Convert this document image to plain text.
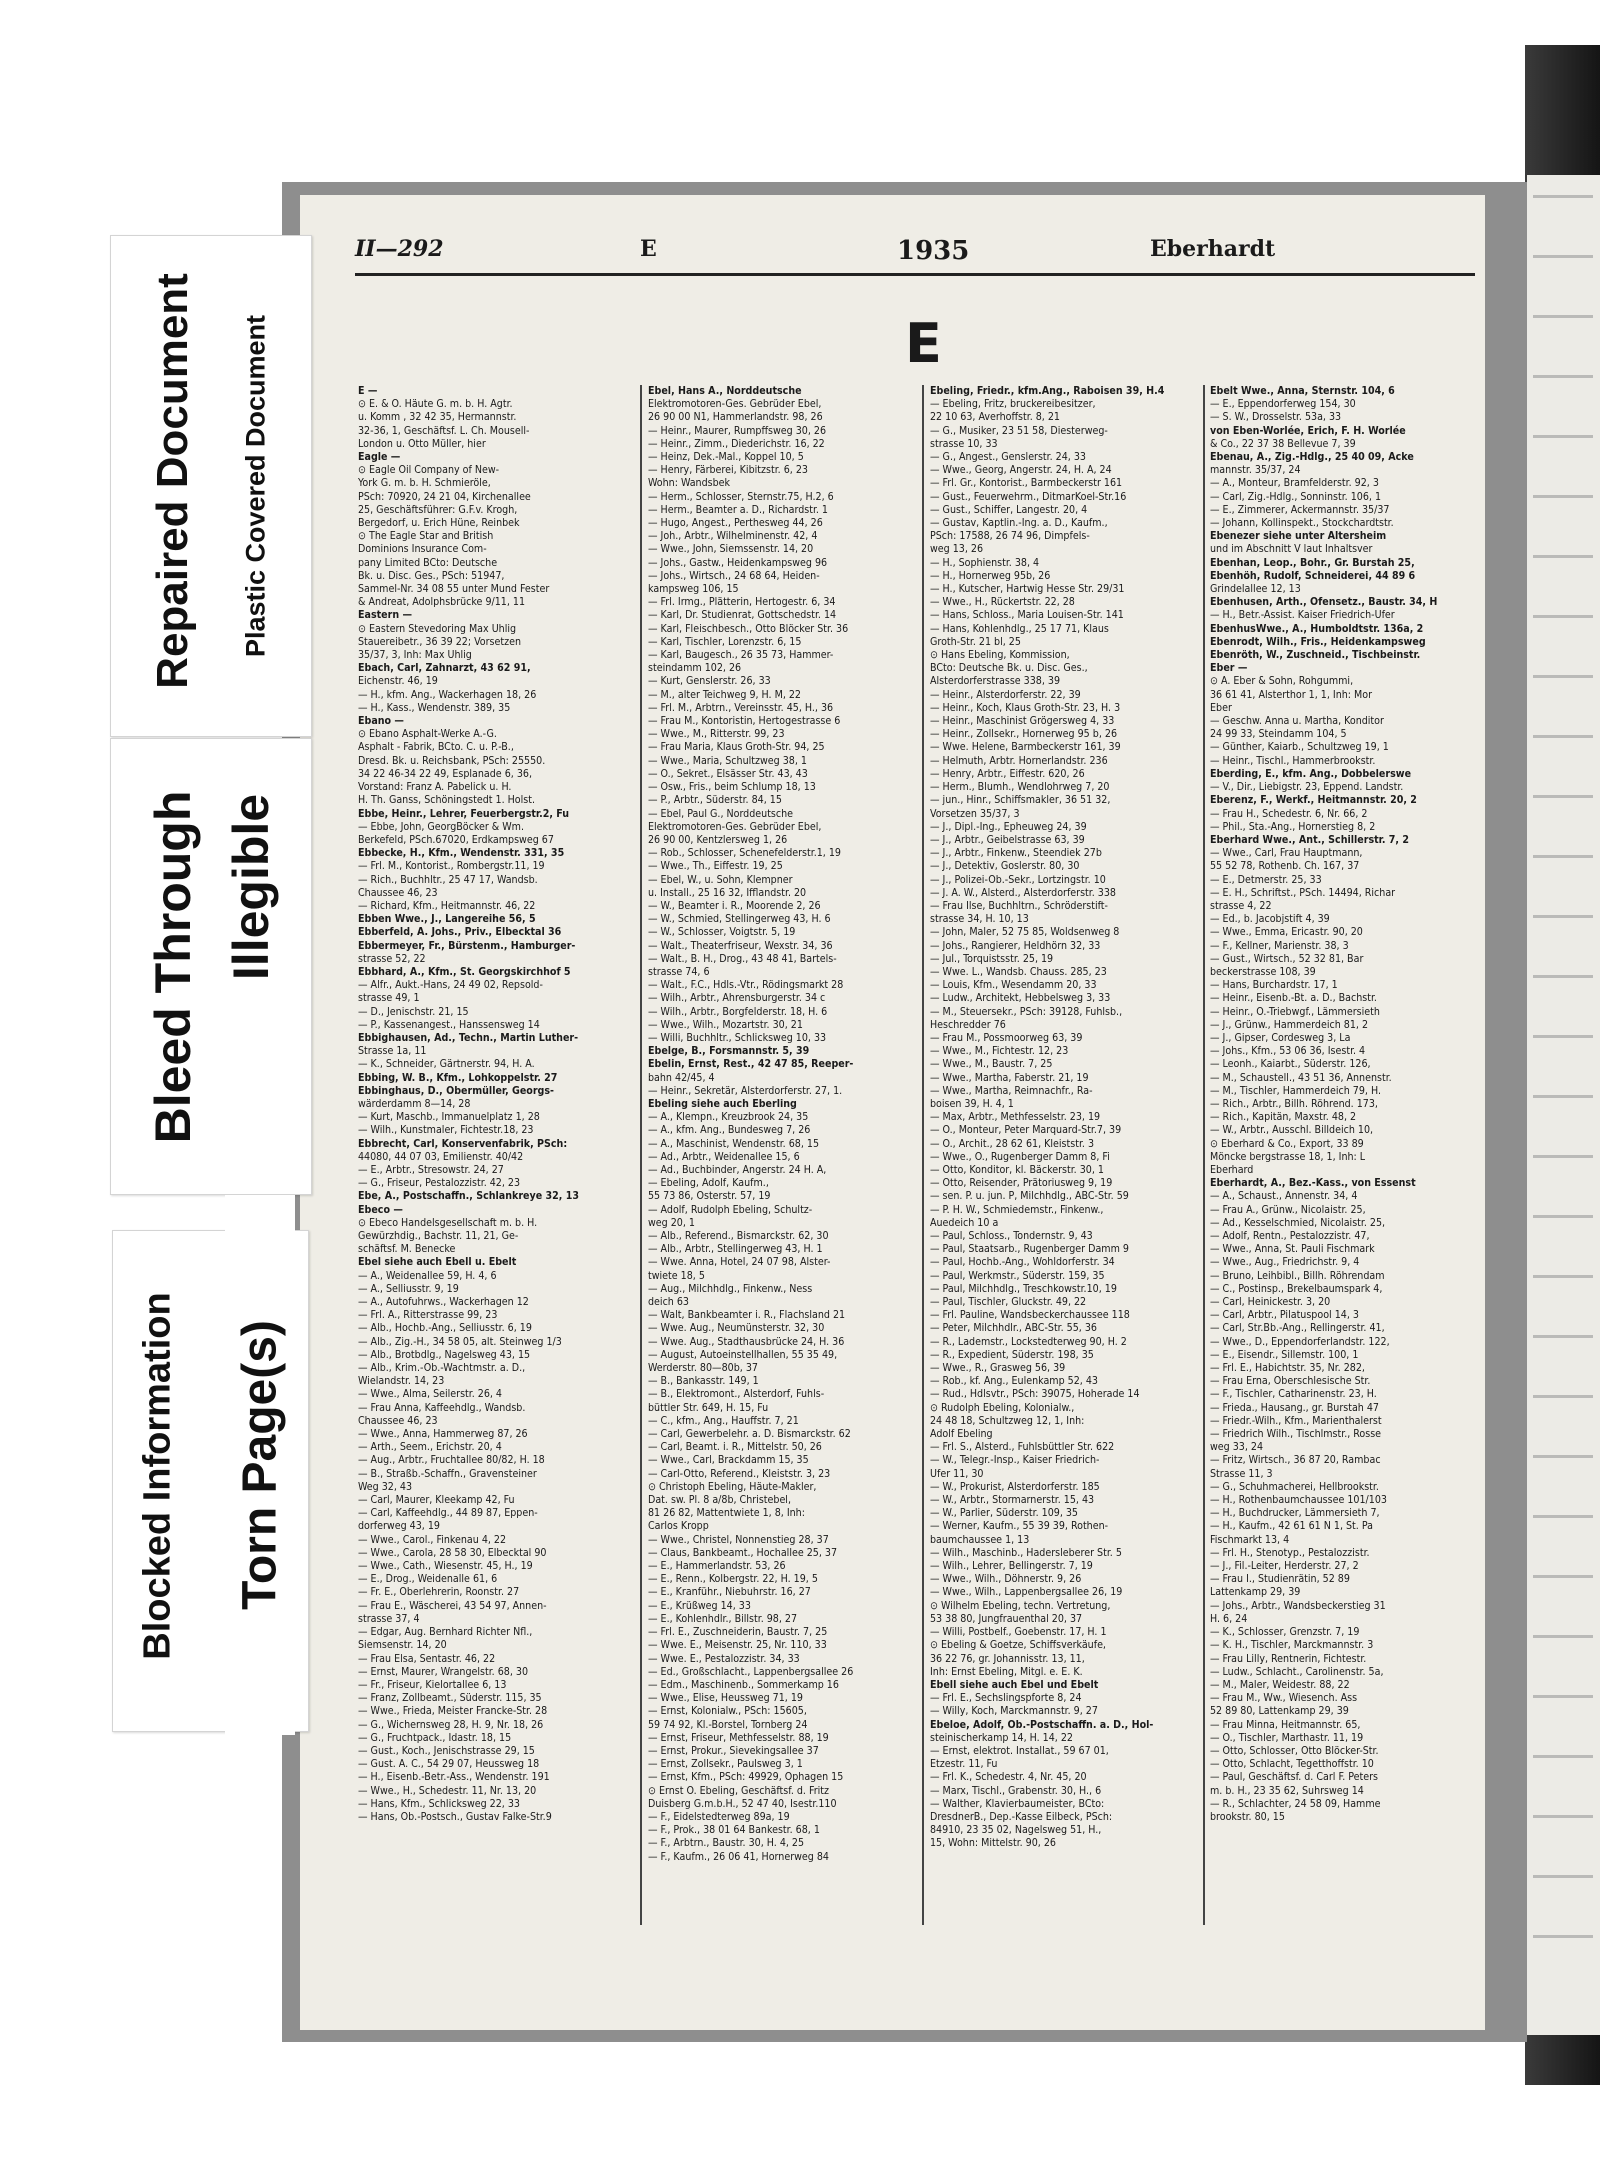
Repaired Document Plastic Covered Document
Bleed Through Illegible
Blocked Information Torn Page(s)
II—292	E	1935	Eberhardt
E
E —
⊙ E. & O. Häute G. m. b. H. Agtr.
u. Komm , 32 42 35, Hermannstr.
32-36, 1, Geschäftsf. L. Ch. Mousell-
London u. Otto Müller, hier
Eagle —
⊙ Eagle Oil Company of New-
York G. m. b. H. Schmieröle,
PSch: 70920, 24 21 04, Kirchenallee
25, Geschäftsführer: G.F.v. Krogh,
Bergedorf, u. Erich Hüne, Reinbek
⊙ The Eagle Star and British
Dominions Insurance Com-
pany Limited BCto: Deutsche
Bk. u. Disc. Ges., PSch: 51947,
Sammel-Nr. 34 08 55 unter Mund Fester
& Andreat, Adolphsbrücke 9/11, 11
Eastern —
⊙ Eastern Stevedoring Max Uhlig
Stauereibetr., 36 39 22; Vorsetzen
35/37, 3, Inh: Max Uhlig
Ebach, Carl, Zahnarzt, 43 62 91,
Eichenstr. 46, 19
— H., kfm. Ang., Wackerhagen 18, 26
— H., Kass., Wendenstr. 389, 35
Ebano —
⊙ Ebano Asphalt-Werke A.-G.
Asphalt - Fabrik, BCto. C. u. P.-B.,
Dresd. Bk. u. Reichsbank, PSch: 25550.
34 22 46-34 22 49, Esplanade 6, 36,
Vorstand: Franz A. Pabelick u. H.
H. Th. Ganss, Schöningstedt 1. Holst.
Ebbe, Heinr., Lehrer, Feuerbergstr.2, Fu
— Ebbe, John, GeorgBöcker & Wm.
Berkefeld, PSch.67020, Erdkampsweg 67
Ebbecke, H., Kfm., Wendenstr. 331, 35
— Frl. M., Kontorist., Rombergstr.11, 19
— Rich., Buchhltr., 25 47 17, Wandsb.
Chaussee 46, 23
— Richard, Kfm., Heitmannstr. 46, 22
Ebben Wwe., J., Langereihe 56, 5
Ebberfeld, A. Johs., Priv., Elbecktal 36
Ebbermeyer, Fr., Bürstenm., Hamburger-
strasse 52, 22
Ebbhard, A., Kfm., St. Georgskirchhof 5
— Alfr., Aukt.-Hans, 24 49 02, Repsold-
strasse 49, 1
— D., Jenischstr. 21, 15
— P., Kassenangest., Hanssensweg 14
Ebbighausen, Ad., Techn., Martin Luther-
Strasse 1a, 11
— K., Schneider, Gärtnerstr. 94, H. A.
Ebbing, W. B., Kfm., Lohkoppelstr. 27
Ebbinghaus, D., Obermüller, Georgs-
wärderdamm 8—14, 28
— Kurt, Maschb., Immanuelplatz 1, 28
— Wilh., Kunstmaler, Fichtestr.18, 23
Ebbrecht, Carl, Konservenfabrik, PSch:
44080, 44 07 03, Emilienstr. 40/42
— E., Arbtr., Stresowstr. 24, 27
— G., Friseur, Pestalozzistr. 42, 23
Ebe, A., Postschaffn., Schlankreye 32, 13
Ebeco —
⊙ Ebeco Handelsgesellschaft m. b. H.
Gewürzhdig., Bachstr. 11, 21, Ge-
schäftsf. M. Benecke
Ebel siehe auch Ebell u. Ebelt
— A., Weidenallee 59, H. 4, 6
— A., Selliusstr. 9, 19
— A., Autofuhrws., Wackerhagen 12
— Frl. A., Ritterstrasse 99, 23
— Alb., Hochb.-Ang., Selliusstr. 6, 19
— Alb., Zig.-H., 34 58 05, alt. Steinweg 1/3
— Alb., Brotbdlg., Nagelsweg 43, 15
— Alb., Krim.-Ob.-Wachtmstr. a. D.,
Wielandstr. 14, 23
— Wwe., Alma, Seilerstr. 26, 4
— Frau Anna, Kaffeehdlg., Wandsb.
Chaussee 46, 23
— Wwe., Anna, Hammerweg 87, 26
— Arth., Seem., Erichstr. 20, 4
— Aug., Arbtr., Fruchtallee 80/82, H. 18
— B., Straßb.-Schaffn., Gravensteiner
Weg 32, 43
— Carl, Maurer, Kleekamp 42, Fu
— Carl, Kaffeehdlg., 44 89 87, Eppen-
dorferweg 43, 19
— Wwe., Carol., Finkenau 4, 22
— Wwe., Carola, 28 58 30, Elbecktal 90
— Wwe., Cath., Wiesenstr. 45, H., 19
— E., Drog., Weidenalle 61, 6
— Fr. E., Oberlehrerin, Roonstr. 27
— Frau E., Wäscherei, 43 54 97, Annen-
strasse 37, 4
— Edgar, Aug. Bernhard Richter Nfl.,
Siemsenstr. 14, 20
— Frau Elsa, Sentastr. 46, 22
— Ernst, Maurer, Wrangelstr. 68, 30
— Fr., Friseur, Kielortallee 6, 13
— Franz, Zollbeamt., Süderstr. 115, 35
— Wwe., Frieda, Meister Francke-Str. 28
— G., Wichernsweg 28, H. 9, Nr. 18, 26
— G., Fruchtpack., Idastr. 18, 15
— Gust., Koch., Jenischstrasse 29, 15
— Gust. A. C., 54 29 07, Heussweg 18
— H., Eisenb.-Betr.-Ass., Wendenstr. 191
— Wwe., H., Schedestr. 11, Nr. 13, 20
— Hans, Kfm., Schlicksweg 22, 33
— Hans, Ob.-Postsch., Gustav Falke-Str.9
Ebel, Hans A., Norddeutsche
Elektromotoren-Ges. Gebrüder Ebel,
26 90 00 N1, Hammerlandstr. 98, 26
— Heinr., Maurer, Rumpffsweg 30, 26
— Heinr., Zimm., Diederichstr. 16, 22
— Heinz, Dek.-Mal., Koppel 10, 5
— Henry, Färberei, Kibitzstr. 6, 23
Wohn: Wandsbek
— Herm., Schlosser, Sternstr.75, H.2, 6
— Herm., Beamter a. D., Richardstr. 1
— Hugo, Angest., Perthesweg 44, 26
— Joh., Arbtr., Wilhelminenstr. 42, 4
— Wwe., John, Siemssenstr. 14, 20
— Johs., Gastw., Heidenkampsweg 96
— Johs., Wirtsch., 24 68 64, Heiden-
kampsweg 106, 15
— Frl. Irmg., Plätterin, Hertogestr. 6, 34
— Karl, Dr. Studienrat, Gottschedstr. 14
— Karl, Fleischbesch., Otto Blöcker Str. 36
— Karl, Tischler, Lorenzstr. 6, 15
— Karl, Baugesch., 26 35 73, Hammer-
steindamm 102, 26
— Kurt, Genslerstr. 26, 33
— M., alter Teichweg 9, H. M, 22
— Frl. M., Arbtrn., Vereinsstr. 45, H., 36
— Frau M., Kontoristin, Hertogestrasse 6
— Wwe., M., Ritterstr. 99, 23
— Frau Maria, Klaus Groth-Str. 94, 25
— Wwe., Maria, Schultzweg 38, 1
— O., Sekret., Elsässer Str. 43, 43
— Osw., Fris., beim Schlump 18, 13
— P., Arbtr., Süderstr. 84, 15
— Ebel, Paul G., Norddeutsche
Elektromotoren-Ges. Gebrüder Ebel,
26 90 00, Kentzlersweg 1, 26
— Rob., Schlosser, Schenefelderstr.1, 19
— Wwe., Th., Eiffestr. 19, 25
— Ebel, W., u. Sohn, Klempner
u. Install., 25 16 32, Ifflandstr. 20
— W., Beamter i. R., Moorende 2, 26
— W., Schmied, Stellingerweg 43, H. 6
— W., Schlosser, Voigtstr. 5, 19
— Walt., Theaterfriseur, Wexstr. 34, 36
— Walt., B. H., Drog., 43 48 41, Bartels-
strasse 74, 6
— Walt., F.C., Hdls.-Vtr., Rödingsmarkt 28
— Wilh., Arbtr., Ahrensburgerstr. 34 c
— Wilh., Arbtr., Borgfelderstr. 18, H. 6
— Wwe., Wilh., Mozartstr. 30, 21
— Willi, Buchhltr., Schlicksweg 10, 33
Ebelge, B., Forsmannstr. 5, 39
Ebelin, Ernst, Rest., 42 47 85, Reeper-
bahn 42/45, 4
— Heinr., Sekretär, Alsterdorferstr. 27, 1.
Ebeling siehe auch Eberling
— A., Klempn., Kreuzbrook 24, 35
— A., kfm. Ang., Bundesweg 7, 26
— A., Maschinist, Wendenstr. 68, 15
— Ad., Arbtr., Weidenallee 15, 6
— Ad., Buchbinder, Angerstr. 24 H. A,
— Ebeling, Adolf, Kaufm.,
55 73 86, Osterstr. 57, 19
— Adolf, Rudolph Ebeling, Schultz-
weg 20, 1
— Alb., Referend., Bismarckstr. 62, 30
— Alb., Arbtr., Stellingerweg 43, H. 1
— Wwe. Anna, Hotel, 24 07 98, Alster-
twiete 18, 5
— Aug., Milchhdlg., Finkenw., Ness
deich 63
— Walt, Bankbeamter i. R., Flachsland 21
— Wwe. Aug., Neumünsterstr. 32, 30
— Wwe. Aug., Stadthausbrücke 24, H. 36
— August, Autoeinstellhallen, 55 35 49,
Werderstr. 80—80b, 37
— B., Bankasstr. 149, 1
— B., Elektromont., Alsterdorf, Fuhls-
büttler Str. 649, H. 15, Fu
— C., kfm., Ang., Hauffstr. 7, 21
— Carl, Gewerbelehr. a. D. Bismarckstr. 62
— Carl, Beamt. i. R., Mittelstr. 50, 26
— Wwe., Carl, Brackdamm 15, 35
— Carl-Otto, Referend., Kleiststr. 3, 23
⊙ Christoph Ebeling, Häute-Makler,
Dat. sw. Pl. 8 a/8b, Christebel,
81 26 82, Mattentwiete 1, 8, Inh:
Carlos Kropp
— Wwe., Christel, Nonnenstieg 28, 37
— Claus, Bankbeamt., Hochallee 25, 37
— E., Hammerlandstr. 53, 26
— E., Renn., Kolbergstr. 22, H. 19, 5
— E., Kranführ., Niebuhrstr. 16, 27
— E., Krüßweg 14, 33
— E., Kohlenhdlr., Billstr. 98, 27
— Frl. E., Zuschneiderin, Baustr. 7, 25
— Wwe. E., Meisenstr. 25, Nr. 110, 33
— Wwe. E., Pestalozzistr. 34, 33
— Ed., Großschlacht., Lappenbergsallee 26
— Edm., Maschinenb., Sommerkamp 16
— Wwe., Elise, Heussweg 71, 19
— Ernst, Kolonialw., PSch: 15605,
59 74 92, Kl.-Borstel, Tornberg 24
— Ernst, Friseur, Methfesselstr. 88, 19
— Ernst, Prokur., Sievekingsallee 37
— Ernst, Zollsekr., Paulsweg 3, 1
— Ernst, Kfm., PSch: 49929, Ophagen 15
⊙ Ernst O. Ebeling, Geschäftsf. d. Fritz
Duisberg G.m.b.H., 52 47 40, Isestr.110
— F., Eidelstedterweg 89a, 19
— F., Prok., 38 01 64 Bankestr. 68, 1
— F., Arbtrn., Baustr. 30, H. 4, 25
— F., Kaufm., 26 06 41, Hornerweg 84
Ebeling, Friedr., kfm.Ang., Raboisen 39, H.4
— Ebeling, Fritz, bruckereibesitzer,
22 10 63, Averhoffstr. 8, 21
— G., Musiker, 23 51 58, Diesterweg-
strasse 10, 33
— G., Angest., Genslerstr. 24, 33
— Wwe., Georg, Angerstr. 24, H. A, 24
— Frl. Gr., Kontorist., Barmbeckerstr 161
— Gust., Feuerwehrm., DitmarKoel-Str.16
— Gust., Schiffer, Langestr. 20, 4
— Gustav, Kaptlin.-Ing. a. D., Kaufm.,
PSch: 17588, 26 74 96, Dimpfels-
weg 13, 26
— H., Sophienstr. 38, 4
— H., Hornerweg 95b, 26
— H., Kutscher, Hartwig Hesse Str. 29/31
— Wwe., H., Rückertstr. 22, 28
— Hans, Schloss., Maria Louisen-Str. 141
— Hans, Kohlenhdlg., 25 17 71, Klaus
Groth-Str. 21 bl, 25
⊙ Hans Ebeling, Kommission,
BCto: Deutsche Bk. u. Disc. Ges.,
Alsterdorferstrasse 338, 39
— Heinr., Alsterdorferstr. 22, 39
— Heinr., Koch, Klaus Groth-Str. 23, H. 3
— Heinr., Maschinist Grögersweg 4, 33
— Heinr., Zollsekr., Hornerweg 95 b, 26
— Wwe. Helene, Barmbeckerstr 161, 39
— Helmuth, Arbtr. Hornerlandstr. 236
— Henry, Arbtr., Eiffestr. 620, 26
— Herm., Blumh., Wendlohrweg 7, 20
— jun., Hinr., Schiffsmakler, 36 51 32,
Vorsetzen 35/37, 3
— J., Dipl.-Ing., Epheuweg 24, 39
— J., Arbtr., Geibelstrasse 63, 39
— J., Arbtr., Finkenw., Steendiek 27b
— J., Detektiv, Goslerstr. 80, 30
— J., Polizei-Ob.-Sekr., Lortzingstr. 10
— J. A. W., Alsterd., Alsterdorferstr. 338
— Frau Ilse, Buchhltrn., Schröderstift-
strasse 34, H. 10, 13
— John, Maler, 52 75 85, Woldsenweg 8
— Johs., Rangierer, Heldhörn 32, 33
— Jul., Torquistsstr. 25, 19
— Wwe. L., Wandsb. Chauss. 285, 23
— Louis, Kfm., Wesendamm 20, 33
— Ludw., Architekt, Hebbelsweg 3, 33
— M., Steuersekr., PSch: 39128, Fuhlsb.,
Heschredder 76
— Frau M., Possmoorweg 63, 39
— Wwe., M., Fichtestr. 12, 23
— Wwe., M., Baustr. 7, 25
— Wwe., Martha, Faberstr. 21, 19
— Wwe., Martha, Reimnachfr., Ra-
boisen 39, H. 4, 1
— Max, Arbtr., Methfesselstr. 23, 19
— O., Monteur, Peter Marquard-Str.7, 39
— O., Archit., 28 62 61, Kleiststr. 3
— Wwe., O., Rugenberger Damm 8, Fi
— Otto, Konditor, kl. Bäckerstr. 30, 1
— Otto, Reisender, Prätoriusweg 9, 19
— sen. P. u. jun. P, Milchhdlg., ABC-Str. 59
— P. H. W., Schmiedemstr., Finkenw.,
Auedeich 10 a
— Paul, Schloss., Tondernstr. 9, 43
— Paul, Staatsarb., Rugenberger Damm 9
— Paul, Hochb.-Ang., Wohldorferstr. 34
— Paul, Werkmstr., Süderstr. 159, 35
— Paul, Milchhdlg., Treschkowstr.10, 19
— Paul, Tischler, Gluckstr. 49, 22
— Frl. Pauline, Wandsbeckerchaussee 118
— Peter, Milchhdlr., ABC-Str. 55, 36
— R., Lademstr., Lockstedterweg 90, H. 2
— R., Expedient, Süderstr. 198, 35
— Wwe., R., Grasweg 56, 39
— Rob., kf. Ang., Eulenkamp 52, 43
— Rud., Hdlsvtr., PSch: 39075, Hoherade 14
⊙ Rudolph Ebeling, Kolonialw.,
24 48 18, Schultzweg 12, 1, Inh:
Adolf Ebeling
— Frl. S., Alsterd., Fuhlsbüttler Str. 622
— W., Telegr.-Insp., Kaiser Friedrich-
Ufer 11, 30
— W., Prokurist, Alsterdorferstr. 185
— W., Arbtr., Stormarnerstr. 15, 43
— W., Parlier, Süderstr. 109, 35
— Werner, Kaufm., 55 39 39, Rothen-
baumchaussee 1, 13
— Wilh., Maschinb., Hadersleberer Str. 5
— Wilh., Lehrer, Bellingerstr. 7, 19
— Wwe., Wilh., Döhnerstr. 9, 26
— Wwe., Wilh., Lappenbergsallee 26, 19
⊙ Wilhelm Ebeling, techn. Vertretung,
53 38 80, Jungfrauenthal 20, 37
— Willi, Postbelf., Goebenstr. 17, H. 1
⊙ Ebeling & Goetze, Schiffsverkäufe,
36 22 76, gr. Johannisstr. 13, 11,
Inh: Ernst Ebeling, Mitgl. e. E. K.
Ebell siehe auch Ebel und Ebelt
— Frl. E., Sechslingspforte 8, 24
— Willy, Koch, Marckmannstr. 9, 27
Ebeloe, Adolf, Ob.-Postschaffn. a. D., Hol-
steinischerkamp 14, H. 14, 22
— Ernst, elektrot. Installat., 59 67 01,
Etzestr. 11, Fu
— Frl. K., Schedestr. 4, Nr. 45, 20
— Marx, Tischl., Grabenstr. 30, H., 6
— Walther, Klavierbaumeister, BCto:
DresdnerB., Dep.-Kasse Eilbeck, PSch:
84910, 23 35 02, Nagelsweg 51, H.,
15, Wohn: Mittelstr. 90, 26
Ebelt Wwe., Anna, Sternstr. 104, 6
— E., Eppendorferweg 154, 30
— S. W., Drosselstr. 53a, 33
von Eben-Worlée, Erich, F. H. Worlée
& Co., 22 37 38 Bellevue 7, 39
Ebenau, A., Zig.-Hdlg., 25 40 09, Acke
mannstr. 35/37, 24
— A., Monteur, Bramfelderstr. 92, 3
— Carl, Zig.-Hdlg., Sonninstr. 106, 1
— E., Zimmerer, Ackermannstr. 35/37
— Johann, Kollinspekt., Stockchardtstr.
Ebenezer siehe unter Altersheim
und im Abschnitt V laut Inhaltsver
Ebenhan, Leop., Bohr., Gr. Burstah 25,
Ebenhöh, Rudolf, Schneiderei, 44 89 6
Grindelallee 12, 13
Ebenhusen, Arth., Ofensetz., Baustr. 34, H
— H., Betr.-Assist. Kaiser Friedrich-Ufer
EbenhusWwe., A., Humboldtstr. 136a, 2
Ebenrodt, Wilh., Fris., Heidenkampsweg
Ebenröth, W., Zuschneid., Tischbeinstr.
Eber —
⊙ A. Eber & Sohn, Rohgummi,
36 61 41, Alsterthor 1, 1, Inh: Mor
Eber
— Geschw. Anna u. Martha, Konditor
24 99 33, Steindamm 104, 5
— Günther, Kaiarb., Schultzweg 19, 1
— Heinr., Tischl., Hammerbrookstr.
Eberding, E., kfm. Ang., Dobbelerswe
— V., Dir., Liebigstr. 23, Eppend. Landstr.
Eberenz, F., Werkf., Heitmannstr. 20, 2
— Frau H., Schedestr. 6, Nr. 66, 2
— Phil., Sta.-Ang., Hornerstieg 8, 2
Eberhard Wwe., Ant., Schillerstr. 7, 2
— Wwe., Carl, Frau Hauptmann,
55 52 78, Rothenb. Ch. 167, 37
— E., Detmerstr. 25, 33
— E. H., Schriftst., PSch. 14494, Richar
strasse 4, 22
— Ed., b. Jacobjstift 4, 39
— Wwe., Emma, Ericastr. 90, 20
— F., Kellner, Marienstr. 38, 3
— Gust., Wirtsch., 52 32 81, Bar
beckerstrasse 108, 39
— Hans, Burchardstr. 17, 1
— Heinr., Eisenb.-Bt. a. D., Bachstr.
— Heinr., O.-Triebwgf., Lämmersieth
— J., Grünw., Hammerdeich 81, 2
— J., Gipser, Cordesweg 3, La
— Johs., Kfm., 53 06 36, Isestr. 4
— Leonh., Kaiarbt., Süderstr. 126,
— M., Schaustell., 43 51 36, Annenstr.
— M., Tischler, Hammerdeich 79, H.
— Rich., Arbtr., Billh. Röhrend. 173,
— Rich., Kapitän, Maxstr. 48, 2
— W., Arbtr., Ausschl. Billdeich 10,
⊙ Eberhard & Co., Export, 33 89
Möncke bergstrasse 18, 1, Inh: L
Eberhard
Eberhardt, A., Bez.-Kass., von Essenst
— A., Schaust., Annenstr. 34, 4
— Frau A., Grünw., Nicolaistr. 25,
— Ad., Kesselschmied, Nicolaistr. 25,
— Adolf, Rentn., Pestalozzistr. 47,
— Wwe., Anna, St. Pauli Fischmark
— Wwe., Aug., Friedrichstr. 9, 4
— Bruno, Leihbibl., Billh. Röhrendam
— C., Postinsp., Brekelbaumspark 4,
— Carl, Heinickestr. 3, 20
— Carl, Arbtr., Pilatuspool 14, 3
— Carl, Str.Bb.-Ang., Rellingerstr. 41,
— Wwe., D., Eppendorferlandstr. 122,
— E., Eisendr., Sillemstr. 100, 1
— Frl. E., Habichtstr. 35, Nr. 282,
— Frau Erna, Oberschlesische Str.
— F., Tischler, Catharinenstr. 23, H.
— Frieda., Hausang., gr. Burstah 47
— Friedr.-Wilh., Kfm., Marienthalerst
— Friedrich Wilh., Tischlmstr., Rosse
weg 33, 24
— Fritz, Wirtsch., 36 87 20, Rambac
Strasse 11, 3
— G., Schuhmacherei, Hellbrookstr.
— H., Rothenbaumchaussee 101/103
— H., Buchdrucker, Lämmersieth 7,
— H., Kaufm., 42 61 61 N 1, St. Pa
Fischmarkt 13, 4
— Frl. H., Stenotyp., Pestalozzistr.
— J., Fil.-Leiter, Herderstr. 27, 2
— Frau I., Studienrätin, 52 89
Lattenkamp 29, 39
— Johs., Arbtr., Wandsbeckerstieg 31
H. 6, 24
— K., Schlosser, Grenzstr. 7, 19
— K. H., Tischler, Marckmannstr. 3
— Frau Lilly, Rentnerin, Fichtestr.
— Ludw., Schlacht., Carolinenstr. 5a,
— M., Maler, Weidestr. 88, 22
— Frau M., Ww., Wiesench. Ass
52 89 80, Lattenkamp 29, 39
— Frau Minna, Heitmannstr. 65,
— O., Tischler, Marthastr. 11, 19
— Otto, Schlosser, Otto Blöcker-Str.
— Otto, Schlacht, Tegetthoffstr. 10
— Paul, Geschäftsf. d. Carl F. Peters
m. b. H., 23 35 62, Suhrsweg 14
— R., Schlachter, 24 58 09, Hamme
brookstr. 80, 15
